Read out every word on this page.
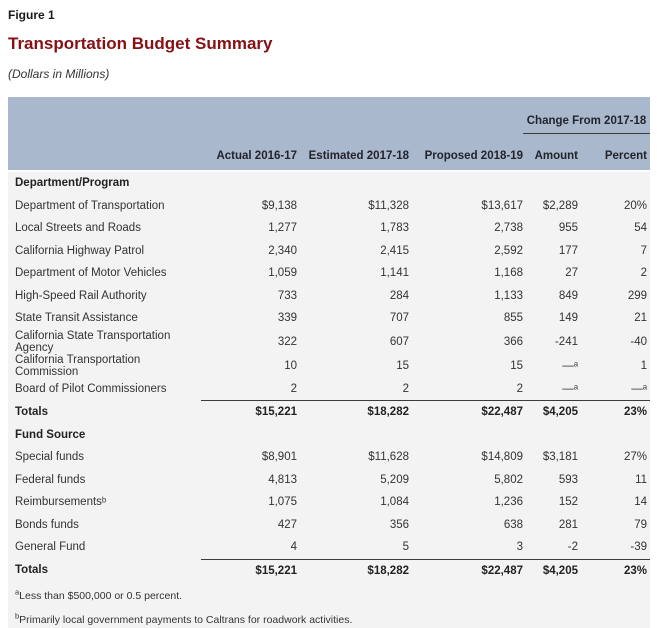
Figure 1
Transportation Budget Summary
(Dollars in Millions)
				Change From 2017-18	
	Actual 2016-17	Estimated 2017-18	Proposed 2018-19	Amount	Percent
Department/Program					
Department of Transportation	$9,138	$11,328	$13,617	$2,289	20%
Local Streets and Roads	1,277	1,783	2,738	955	54
California Highway Patrol	2,340	2,415	2,592	177	7
Department of Motor Vehicles	1,059	1,141	1,168	27	2
High-Speed Rail Authority	733	284	1,133	849	299
State Transit Assistance	339	707	855	149	21
California State Transportation Agency	322	607	366	-241	-40
California Transportation Commission	10	15	15	—ᵃ	1
Board of Pilot Commissioners	2	2	2	—ᵃ	—ᵃ
Totals	$15,221	$18,282	$22,487	$4,205	23%
Fund Source					
Special funds	$8,901	$11,628	$14,809	$3,181	27%
Federal funds	4,813	5,209	5,802	593	11
Reimbursementsᵇ	1,075	1,084	1,236	152	14
Bonds funds	427	356	638	281	79
General Fund	4	5	3	-2	-39
Totals	$15,221	$18,282	$22,487	$4,205	23%
$^a$Less than $500,000 or 0.5 percent.					
$^b$Primarily local government payments to Caltrans for roadwork activities.					
